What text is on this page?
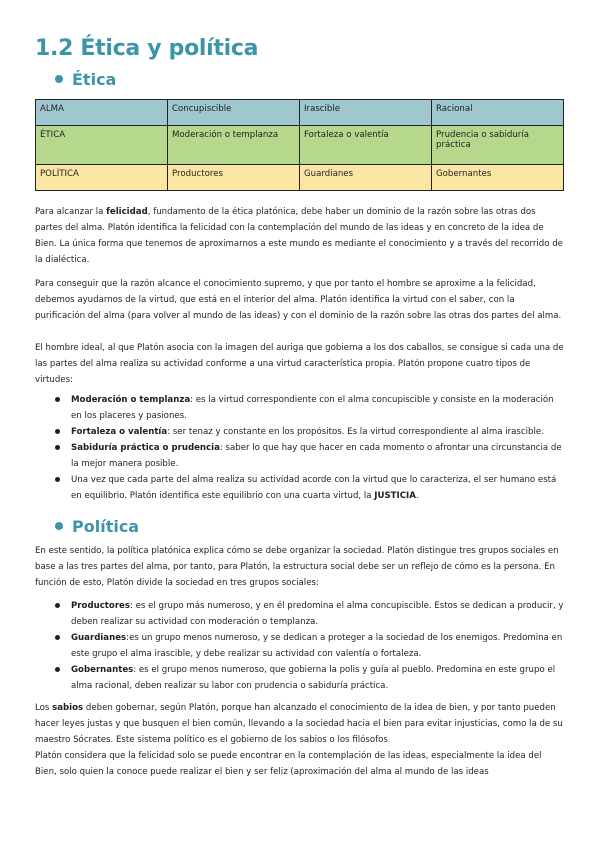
1.2 Ética y política
Ética
ALMA	Concupiscible	Irascible	Racional
ÉTICA	Moderación o templanza	Fortaleza o valentía	Prudencia o sabiduría práctica
POLÍTICA	Productores	Guardianes	Gobernantes

Para alcanzar la felicidad, fundamento de la ética platónica, debe haber un dominio de la razón sobre las otras dos partes del alma. Platón identifica la felicidad con la contemplación del mundo de las ideas y en concreto de la idea de Bien. La única forma que tenemos de aproximarnos a este mundo es mediante el conocimiento y a través del recorrido de la dialéctica.

Para conseguir que la razón alcance el conocimiento supremo, y que por tanto el hombre se aproxime a la felicidad, debemos ayudarnos de la virtud, que está en el interior del alma. Platón identifica la virtud con el saber, con la purificación del alma (para volver al mundo de las ideas) y con el dominio de la razón sobre las otras dos partes del alma.

El hombre ideal, al que Platón asocia con la imagen del auriga que gobierna a los dos caballos, se consigue si cada una de las partes del alma realiza su actividad conforme a una virtud característica propia. Platón propone cuatro tipos de virtudes:

Moderación o templanza: es la virtud correspondiente con el alma concupiscible y consiste en la moderación en los placeres y pasiones.
Fortaleza o valentía: ser tenaz y constante en los propósitos. Es la virtud correspondiente al alma irascible.
Sabiduría práctica o prudencia: saber lo que hay que hacer en cada momento o afrontar una circunstancia de la mejor manera posible.
Una vez que cada parte del alma realiza su actividad acorde con la virtud que lo caracteriza, el ser humano está en equilibrio. Platón identifica este equilibrio con una cuarta virtud, la JUSTICIA.
Política

En este sentido, la política platónica explica cómo se debe organizar la sociedad. Platón distingue tres grupos sociales en base a las tres partes del alma, por tanto, para Platón, la estructura social debe ser un reflejo de cómo es la persona. En función de esto, Platón divide la sociedad en tres grupos sociales:

Productores: es el grupo más numeroso, y en él predomina el alma concupiscible. Estos se dedican a producir, y deben realizar su actividad con moderación o templanza.
Guardianes:es un grupo menos numeroso, y se dedican a proteger a la sociedad de los enemigos. Predomina en este grupo el alma irascible, y debe realizar su actividad con valentía o fortaleza.
Gobernantes: es el grupo menos numeroso, que gobierna la polis y guía al pueblo. Predomina en este grupo el alma racional, deben realizar su labor con prudencia o sabiduría práctica.

Los sabios deben gobernar, según Platón, porque han alcanzado el conocimiento de la idea de bien, y por tanto pueden hacer leyes justas y que busquen el bien común, llevando a la sociedad hacia el bien para evitar injusticias, como la de su maestro Sócrates. Este sistema político es el gobierno de los sabios o los filósofos

Platón considera que la felicidad solo se puede encontrar en la contemplación de las ideas, especialmente la idea del Bien, solo quien la conoce puede realizar el bien y ser feliz (aproximación del alma al mundo de las ideas
